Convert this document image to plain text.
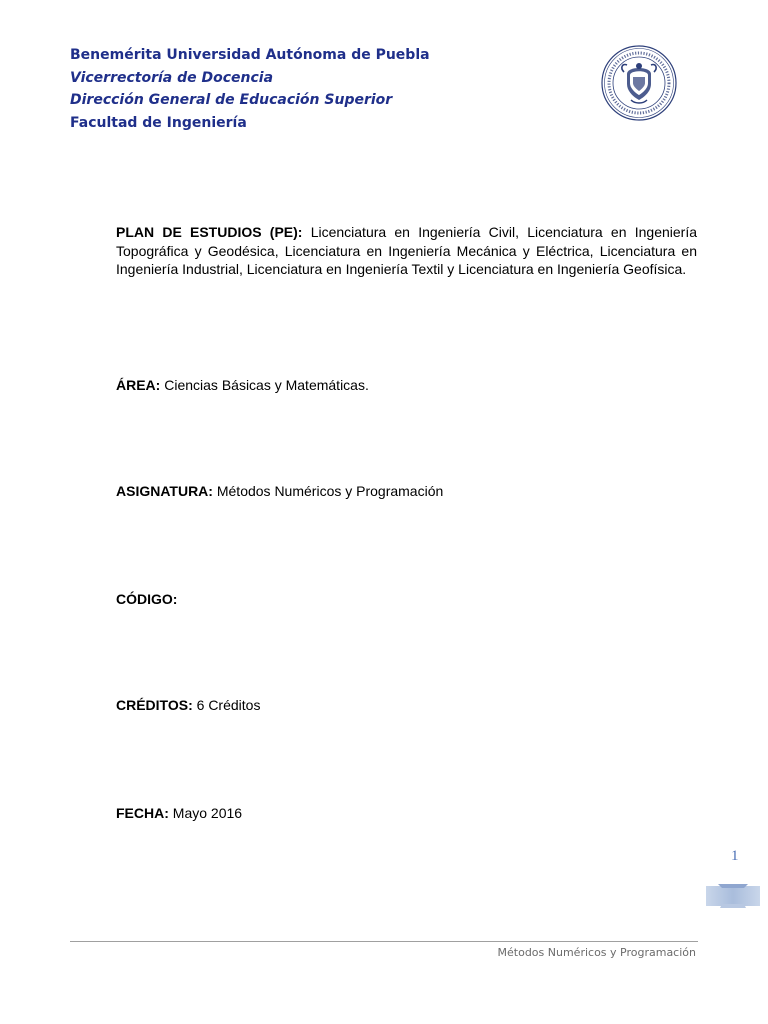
Benemérita Universidad Autónoma de Puebla
Vicerrectoría de Docencia
Dirección General de Educación Superior
Facultad de Ingeniería
PLAN DE ESTUDIOS (PE): Licenciatura en Ingeniería Civil, Licenciatura en Ingeniería Topográfica y Geodésica, Licenciatura en Ingeniería Mecánica y Eléctrica, Licenciatura en Ingeniería Industrial, Licenciatura en Ingeniería Textil y Licenciatura en Ingeniería Geofísica.
ÁREA: Ciencias Básicas y Matemáticas.
ASIGNATURA: Métodos Numéricos y Programación
CÓDIGO:
CRÉDITOS: 6 Créditos
FECHA: Mayo 2016
1
Métodos Numéricos y Programación
